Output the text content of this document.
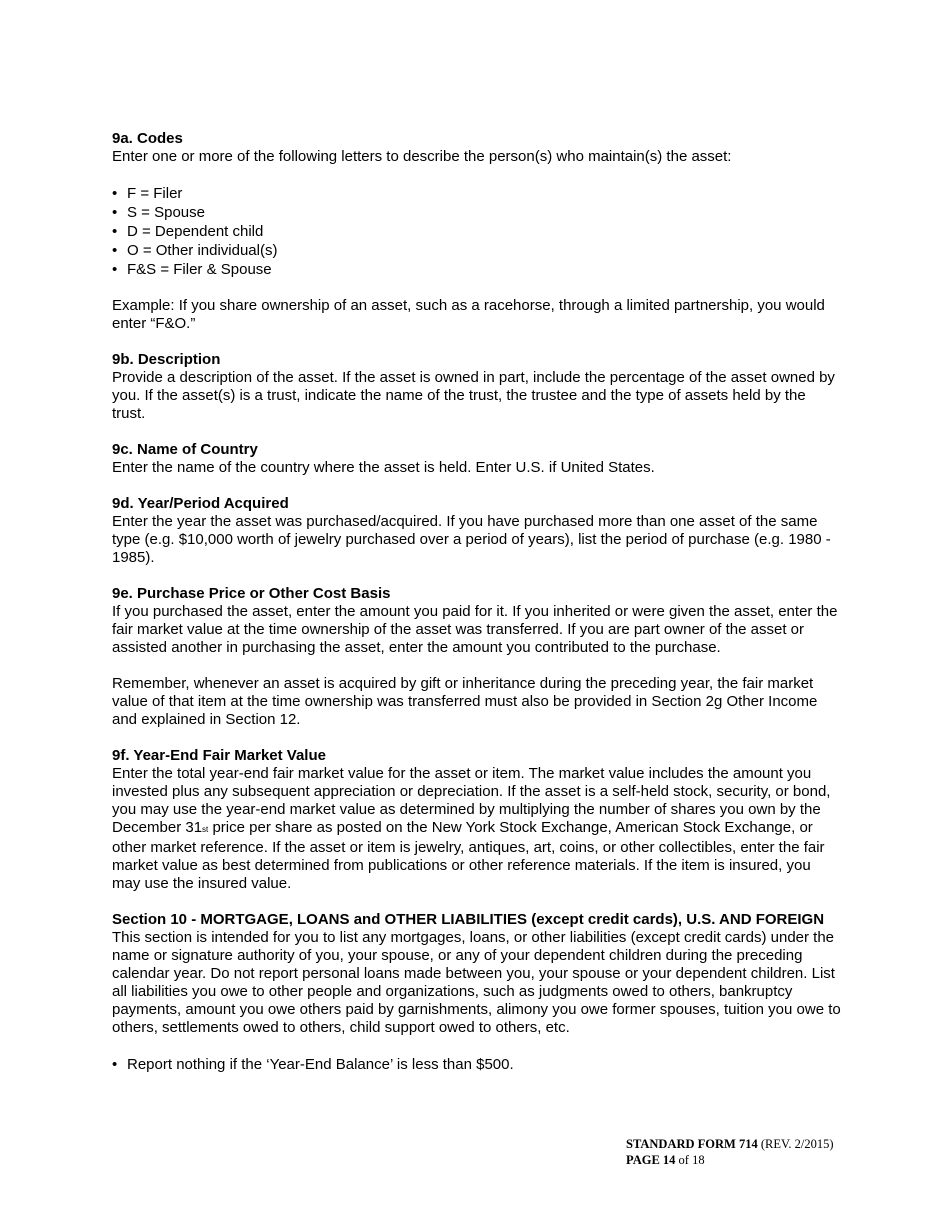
9a. Codes

Enter one or more of the following letters to describe the person(s) who maintain(s) the asset:

• F = Filer
• S = Spouse
• D = Dependent child
• O = Other individual(s)
• F&S = Filer & Spouse

Example: If you share ownership of an asset, such as a racehorse, through a limited partnership, you would enter “F&O.”

9b. Description

Provide a description of the asset. If the asset is owned in part, include the percentage of the asset owned by you. If the asset(s) is a trust, indicate the name of the trust, the trustee and the type of assets held by the trust.

9c. Name of Country

Enter the name of the country where the asset is held. Enter U.S. if United States.

9d. Year/Period Acquired

Enter the year the asset was purchased/acquired. If you have purchased more than one asset of the same type (e.g. $10,000 worth of jewelry purchased over a period of years), list the period of purchase (e.g. 1980 - 1985).

9e. Purchase Price or Other Cost Basis

If you purchased the asset, enter the amount you paid for it. If you inherited or were given the asset, enter the fair market value at the time ownership of the asset was transferred. If you are part owner of the asset or assisted another in purchasing the asset, enter the amount you contributed to the purchase.

Remember, whenever an asset is acquired by gift or inheritance during the preceding year, the fair market value of that item at the time ownership was transferred must also be provided in Section 2g Other Income and explained in Section 12.

9f. Year-End Fair Market Value

Enter the total year-end fair market value for the asset or item. The market value includes the amount you invested plus any subsequent appreciation or depreciation. If the asset is a self-held stock, security, or bond, you may use the year-end market value as determined by multiplying the number of shares you own by the December 31st price per share as posted on the New York Stock Exchange, American Stock Exchange, or other market reference. If the asset or item is jewelry, antiques, art, coins, or other collectibles, enter the fair market value as best determined from publications or other reference materials. If the item is insured, you may use the insured value.

Section 10 - MORTGAGE, LOANS and OTHER LIABILITIES (except credit cards), U.S. AND FOREIGN

This section is intended for you to list any mortgages, loans, or other liabilities (except credit cards) under the name or signature authority of you, your spouse, or any of your dependent children during the preceding calendar year. Do not report personal loans made between you, your spouse or your dependent children. List all liabilities you owe to other people and organizations, such as judgments owed to others, bankruptcy payments, amount you owe others paid by garnishments, alimony you owe former spouses, tuition you owe to others, settlements owed to others, child support owed to others, etc.

• Report nothing if the ‘Year-End Balance’ is less than $500.
STANDARD FORM 714 (REV. 2/2015)
PAGE 14 of 18
